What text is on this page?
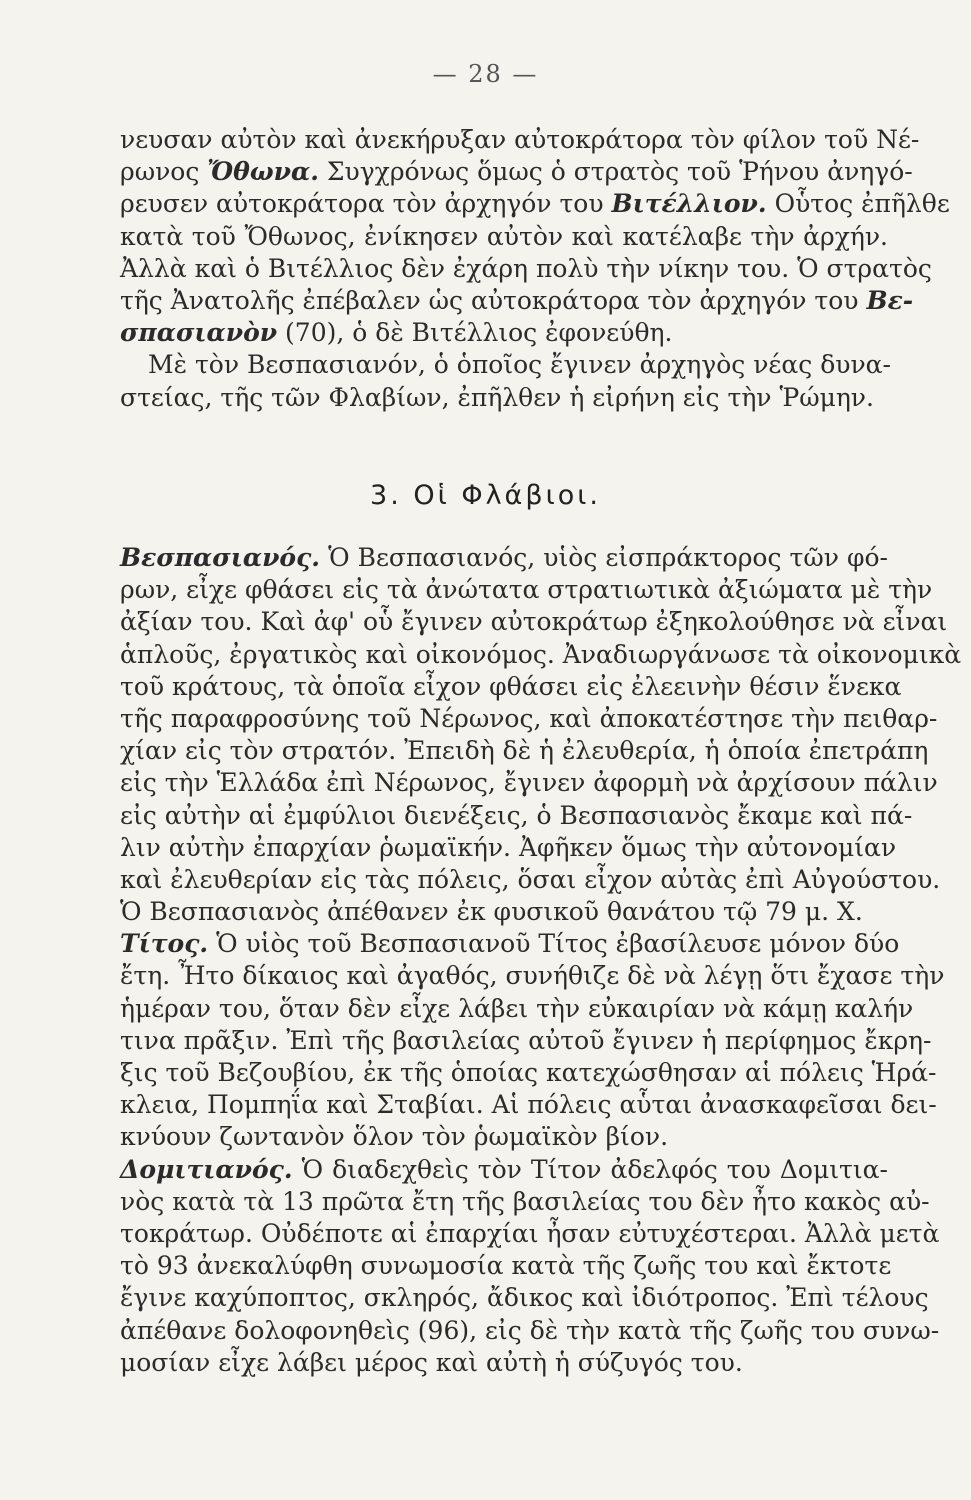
— 28 —
νευσαν αὐτὸν καὶ ἀνεκήρυξαν αὐτοκράτορα τὸν φίλον τοῦ Νέ-
ρωνος Ὄθωνα. Συγχρόνως ὅμως ὁ στρατὸς τοῦ Ῥήνου ἀνηγό-
ρευσεν αὐτοκράτορα τὸν ἀρχηγόν του Βιτέλλιον. Οὗτος ἐπῆλθε
κατὰ τοῦ Ὄθωνος, ἐνίκησεν αὐτὸν καὶ κατέλαβε τὴν ἀρχήν.
Ἀλλὰ καὶ ὁ Βιτέλλιος δὲν ἐχάρη πολὺ τὴν νίκην του. Ὁ στρατὸς
τῆς Ἀνατολῆς ἐπέβαλεν ὡς αὐτοκράτορα τὸν ἀρχηγόν του Βε-
σπασιανὸν (70), ὁ δὲ Βιτέλλιος ἐφονεύθη.
Μὲ τὸν Βεσπασιανόν, ὁ ὁποῖος ἔγινεν ἀρχηγὸς νέας δυνα-
στείας, τῆς τῶν Φλαβίων, ἐπῆλθεν ἡ εἰρήνη εἰς τὴν Ῥώμην.
3. Οἱ Φλάβιοι.
Βεσπασιανός. Ὁ Βεσπασιανός, υἱὸς εἰσπράκτορος τῶν φό-
ρων, εἶχε φθάσει εἰς τὰ ἀνώτατα στρατιωτικὰ ἀξιώματα μὲ τὴν
ἀξίαν του. Καὶ ἀφ' οὗ ἔγινεν αὐτοκράτωρ ἐξηκολούθησε νὰ εἶναι
ἁπλοῦς, ἐργατικὸς καὶ οἰκονόμος. Ἀναδιωργάνωσε τὰ οἰκονομικὰ
τοῦ κράτους, τὰ ὁποῖα εἶχον φθάσει εἰς ἐλεεινὴν θέσιν ἕνεκα
τῆς παραφροσύνης τοῦ Νέρωνος, καὶ ἀποκατέστησε τὴν πειθαρ-
χίαν εἰς τὸν στρατόν. Ἐπειδὴ δὲ ἡ ἐλευθερία, ἡ ὁποία ἐπετράπη
εἰς τὴν Ἑλλάδα ἐπὶ Νέρωνος, ἔγινεν ἀφορμὴ νὰ ἀρχίσουν πάλιν
εἰς αὐτὴν αἱ ἐμφύλιοι διενέξεις, ὁ Βεσπασιανὸς ἔκαμε καὶ πά-
λιν αὐτὴν ἐπαρχίαν ῥωμαϊκήν. Ἀφῆκεν ὅμως τὴν αὐτονομίαν
καὶ ἐλευθερίαν εἰς τὰς πόλεις, ὅσαι εἶχον αὐτὰς ἐπὶ Αὐγούστου.
Ὁ Βεσπασιανὸς ἀπέθανεν ἐκ φυσικοῦ θανάτου τῷ 79 μ. Χ.
Τίτος. Ὁ υἱὸς τοῦ Βεσπασιανοῦ Τίτος ἐβασίλευσε μόνον δύο
ἔτη. Ἦτο δίκαιος καὶ ἀγαθός, συνήθιζε δὲ νὰ λέγῃ ὅτι ἔχασε τὴν
ἡμέραν του, ὅταν δὲν εἶχε λάβει τὴν εὐκαιρίαν νὰ κάμῃ καλήν
τινα πρᾶξιν. Ἐπὶ τῆς βασιλείας αὐτοῦ ἔγινεν ἡ περίφημος ἔκρη-
ξις τοῦ Βεζουβίου, ἐκ τῆς ὁποίας κατεχώσθησαν αἱ πόλεις Ἡρά-
κλεια, Πομπηΐα καὶ Σταβίαι. Αἱ πόλεις αὗται ἀνασκαφεῖσαι δει-
κνύουν ζωντανὸν ὅλον τὸν ῥωμαϊκὸν βίον.
Δομιτιανός. Ὁ διαδεχθεὶς τὸν Τίτον ἀδελφός του Δομιτια-
νὸς κατὰ τὰ 13 πρῶτα ἔτη τῆς βασιλείας του δὲν ἦτο κακὸς αὐ-
τοκράτωρ. Οὐδέποτε αἱ ἐπαρχίαι ἦσαν εὐτυχέστεραι. Ἀλλὰ μετὰ
τὸ 93 ἀνεκαλύφθη συνωμοσία κατὰ τῆς ζωῆς του καὶ ἔκτοτε
ἔγινε καχύποπτος, σκληρός, ἄδικος καὶ ἰδιότροπος. Ἐπὶ τέλους
ἀπέθανε δολοφονηθεὶς (96), εἰς δὲ τὴν κατὰ τῆς ζωῆς του συνω-
μοσίαν εἶχε λάβει μέρος καὶ αὐτὴ ἡ σύζυγός του.
